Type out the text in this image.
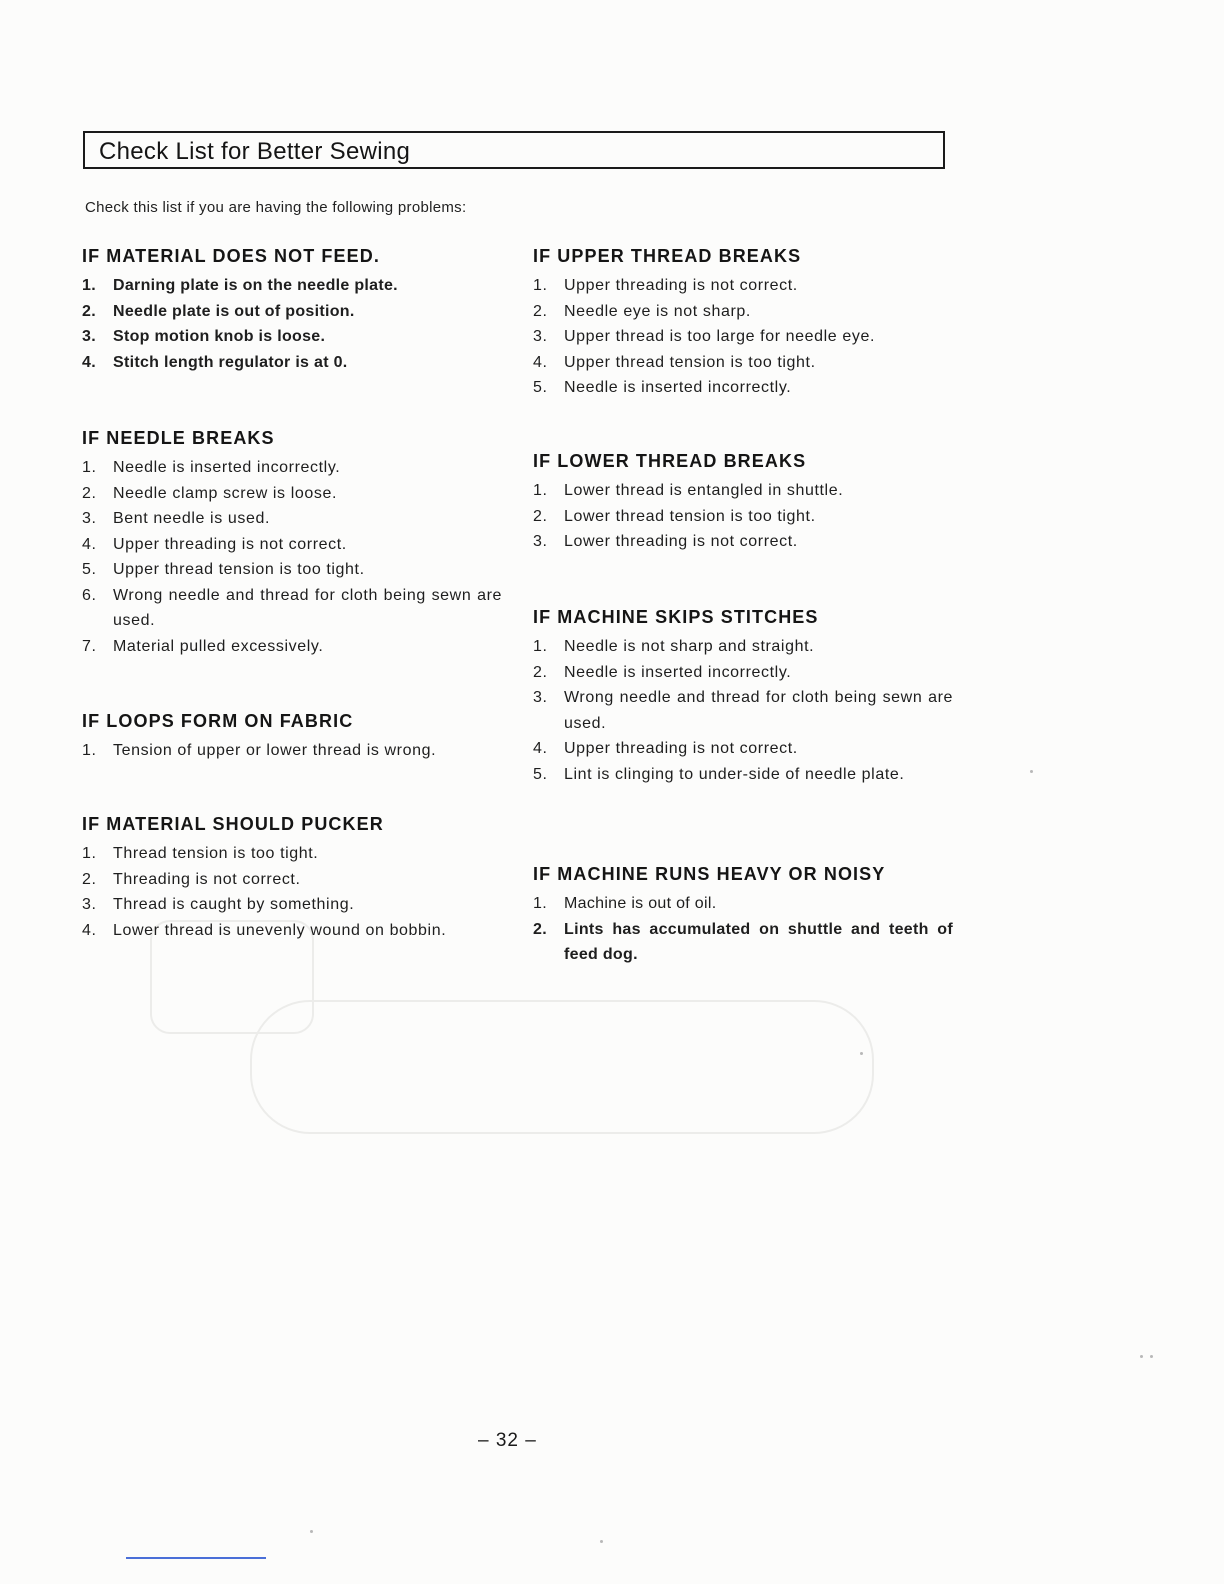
Check List for Better Sewing
Check this list if you are having the following problems:
IF MATERIAL DOES NOT FEED.
1.	Darning plate is on the needle plate.
2.	Needle plate is out of position.
3.	Stop motion knob is loose.
4.	Stitch length regulator is at 0.
IF NEEDLE BREAKS
1.	Needle is inserted incorrectly.
2.	Needle clamp screw is loose.
3.	Bent needle is used.
4.	Upper threading is not correct.
5.	Upper thread tension is too tight.
6.	Wrong needle and thread for cloth being sewn are used.
7.	Material pulled excessively.
IF LOOPS FORM ON FABRIC
1.	Tension of upper or lower thread is wrong.
IF MATERIAL SHOULD PUCKER
1.	Thread tension is too tight.
2.	Threading is not correct.
3.	Thread is caught by something.
4.	Lower thread is unevenly wound on bobbin.
IF UPPER THREAD BREAKS
1.	Upper threading is not correct.
2.	Needle eye is not sharp.
3.	Upper thread is too large for needle eye.
4.	Upper thread tension is too tight.
5.	Needle is inserted incorrectly.
IF LOWER THREAD BREAKS
1.	Lower thread is entangled in shuttle.
2.	Lower thread tension is too tight.
3.	Lower threading is not correct.
IF MACHINE SKIPS STITCHES
1.	Needle is not sharp and straight.
2.	Needle is inserted incorrectly.
3.	Wrong needle and thread for cloth being sewn are used.
4.	Upper threading is not correct.
5.	Lint is clinging to under-side of needle plate.
IF MACHINE RUNS HEAVY OR NOISY
1.	Machine is out of oil.
2.	Lints has accumulated on shuttle and teeth of feed dog.
– 32 –
